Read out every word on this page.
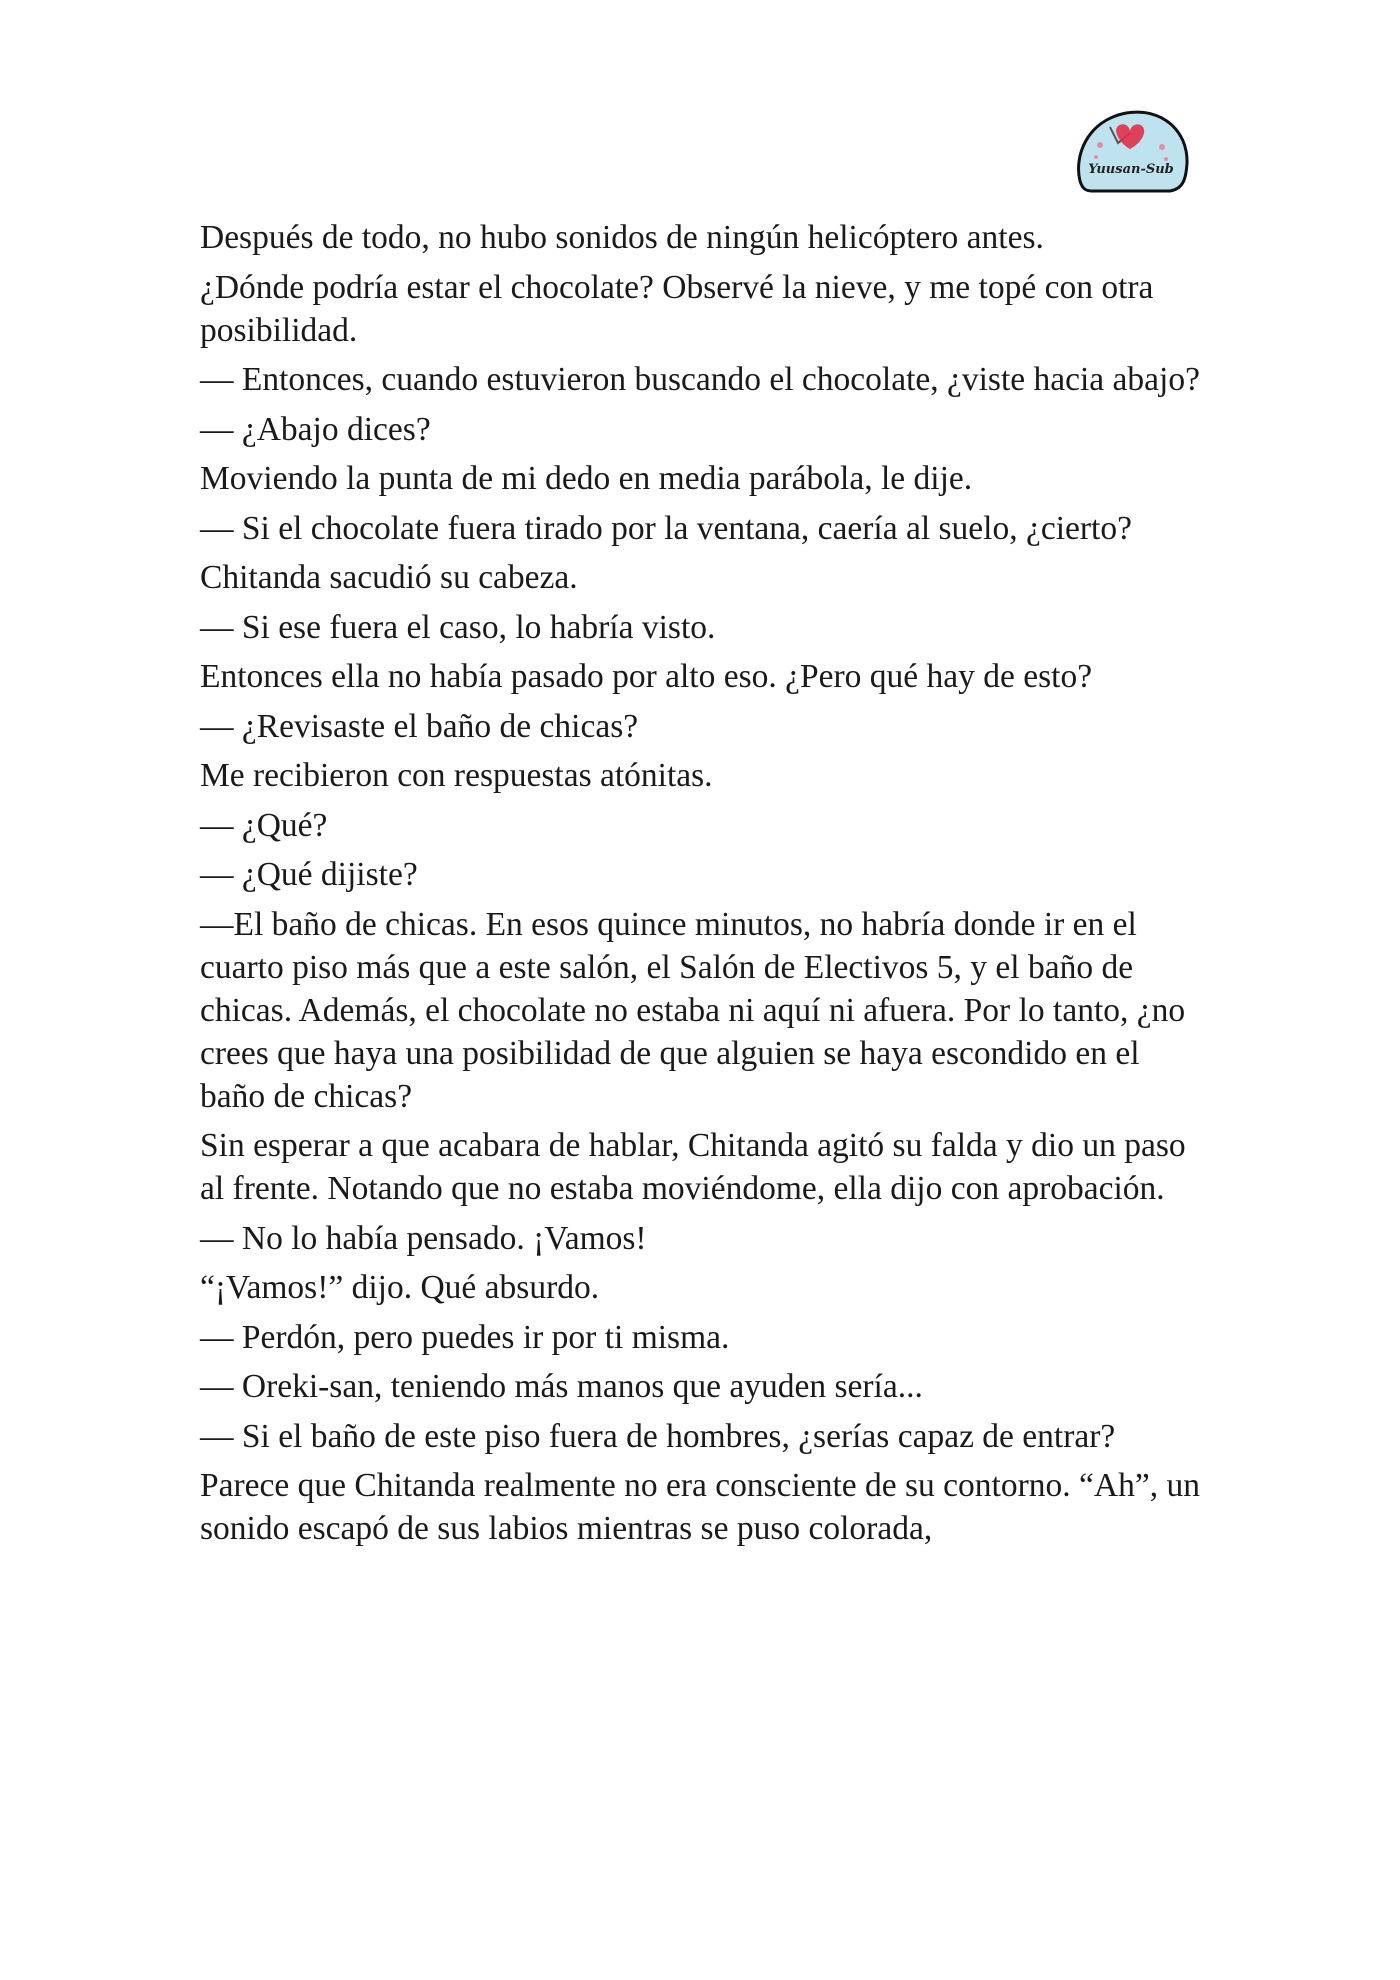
Yuusan-Sub

Después de todo, no hubo sonidos de ningún helicóptero antes.

¿Dónde podría estar el chocolate? Observé la nieve, y me topé con otra posibilidad.

— Entonces, cuando estuvieron buscando el chocolate, ¿viste hacia abajo?

— ¿Abajo dices?

Moviendo la punta de mi dedo en media parábola, le dije.

— Si el chocolate fuera tirado por la ventana, caería al suelo, ¿cierto?

Chitanda sacudió su cabeza.

— Si ese fuera el caso, lo habría visto.

Entonces ella no había pasado por alto eso. ¿Pero qué hay de esto?

— ¿Revisaste el baño de chicas?

Me recibieron con respuestas atónitas.

— ¿Qué?

— ¿Qué dijiste?

—El baño de chicas. En esos quince minutos, no habría donde ir en el cuarto piso más que a este salón, el Salón de Electivos 5, y el baño de chicas. Además, el chocolate no estaba ni aquí ni afuera. Por lo tanto, ¿no crees que haya una posibilidad de que alguien se haya escondido en el baño de chicas?

Sin esperar a que acabara de hablar, Chitanda agitó su falda y dio un paso al frente. Notando que no estaba moviéndome, ella dijo con aprobación.

— No lo había pensado. ¡Vamos!

“¡Vamos!” dijo. Qué absurdo.

— Perdón, pero puedes ir por ti misma.

— Oreki-san, teniendo más manos que ayuden sería...

— Si el baño de este piso fuera de hombres, ¿serías capaz de entrar?

Parece que Chitanda realmente no era consciente de su contorno. “Ah”, un sonido escapó de sus labios mientras se puso colorada,
